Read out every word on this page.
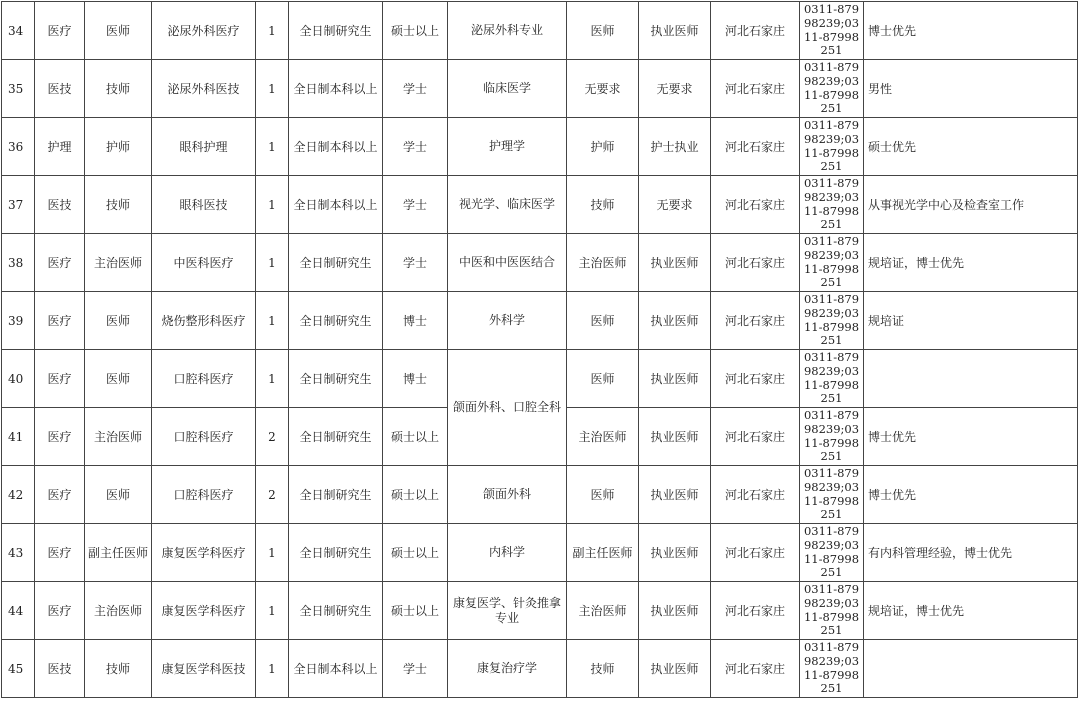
34	医疗	医师	泌尿外科医疗	1	全日制研究生	硕士以上	泌尿外科专业	医师	执业医师	河北石家庄	0311-87998239;0311-87998251	博士优先
35	医技	技师	泌尿外科医技	1	全日制本科以上	学士	临床医学	无要求	无要求	河北石家庄	0311-87998239;0311-87998251	男性
36	护理	护师	眼科护理	1	全日制本科以上	学士	护理学	护师	护士执业	河北石家庄	0311-87998239;0311-87998251	硕士优先
37	医技	技师	眼科医技	1	全日制本科以上	学士	视光学、临床医学	技师	无要求	河北石家庄	0311-87998239;0311-87998251	从事视光学中心及检查室工作
38	医疗	主治医师	中医科医疗	1	全日制研究生	学士	中医和中医医结合	主治医师	执业医师	河北石家庄	0311-87998239;0311-87998251	规培证，博士优先
39	医疗	医师	烧伤整形科医疗	1	全日制研究生	博士	外科学	医师	执业医师	河北石家庄	0311-87998239;0311-87998251	规培证
40	医疗	医师	口腔科医疗	1	全日制研究生	博士	颌面外科、口腔全科	医师	执业医师	河北石家庄	0311-87998239;0311-87998251	
41	医疗	主治医师	口腔科医疗	2	全日制研究生	硕士以上		主治医师	执业医师	河北石家庄	0311-87998239;0311-87998251	博士优先
42	医疗	医师	口腔科医疗	2	全日制研究生	硕士以上	颌面外科	医师	执业医师	河北石家庄	0311-87998239;0311-87998251	博士优先
43	医疗	副主任医师	康复医学科医疗	1	全日制研究生	硕士以上	内科学	副主任医师	执业医师	河北石家庄	0311-87998239;0311-87998251	有内科管理经验，博士优先
44	医疗	主治医师	康复医学科医疗	1	全日制研究生	硕士以上	康复医学、针灸推拿专业	主治医师	执业医师	河北石家庄	0311-87998239;0311-87998251	规培证，博士优先
45	医技	技师	康复医学科医技	1	全日制本科以上	学士	康复治疗学	技师	执业医师	河北石家庄	0311-87998239;0311-87998251	
